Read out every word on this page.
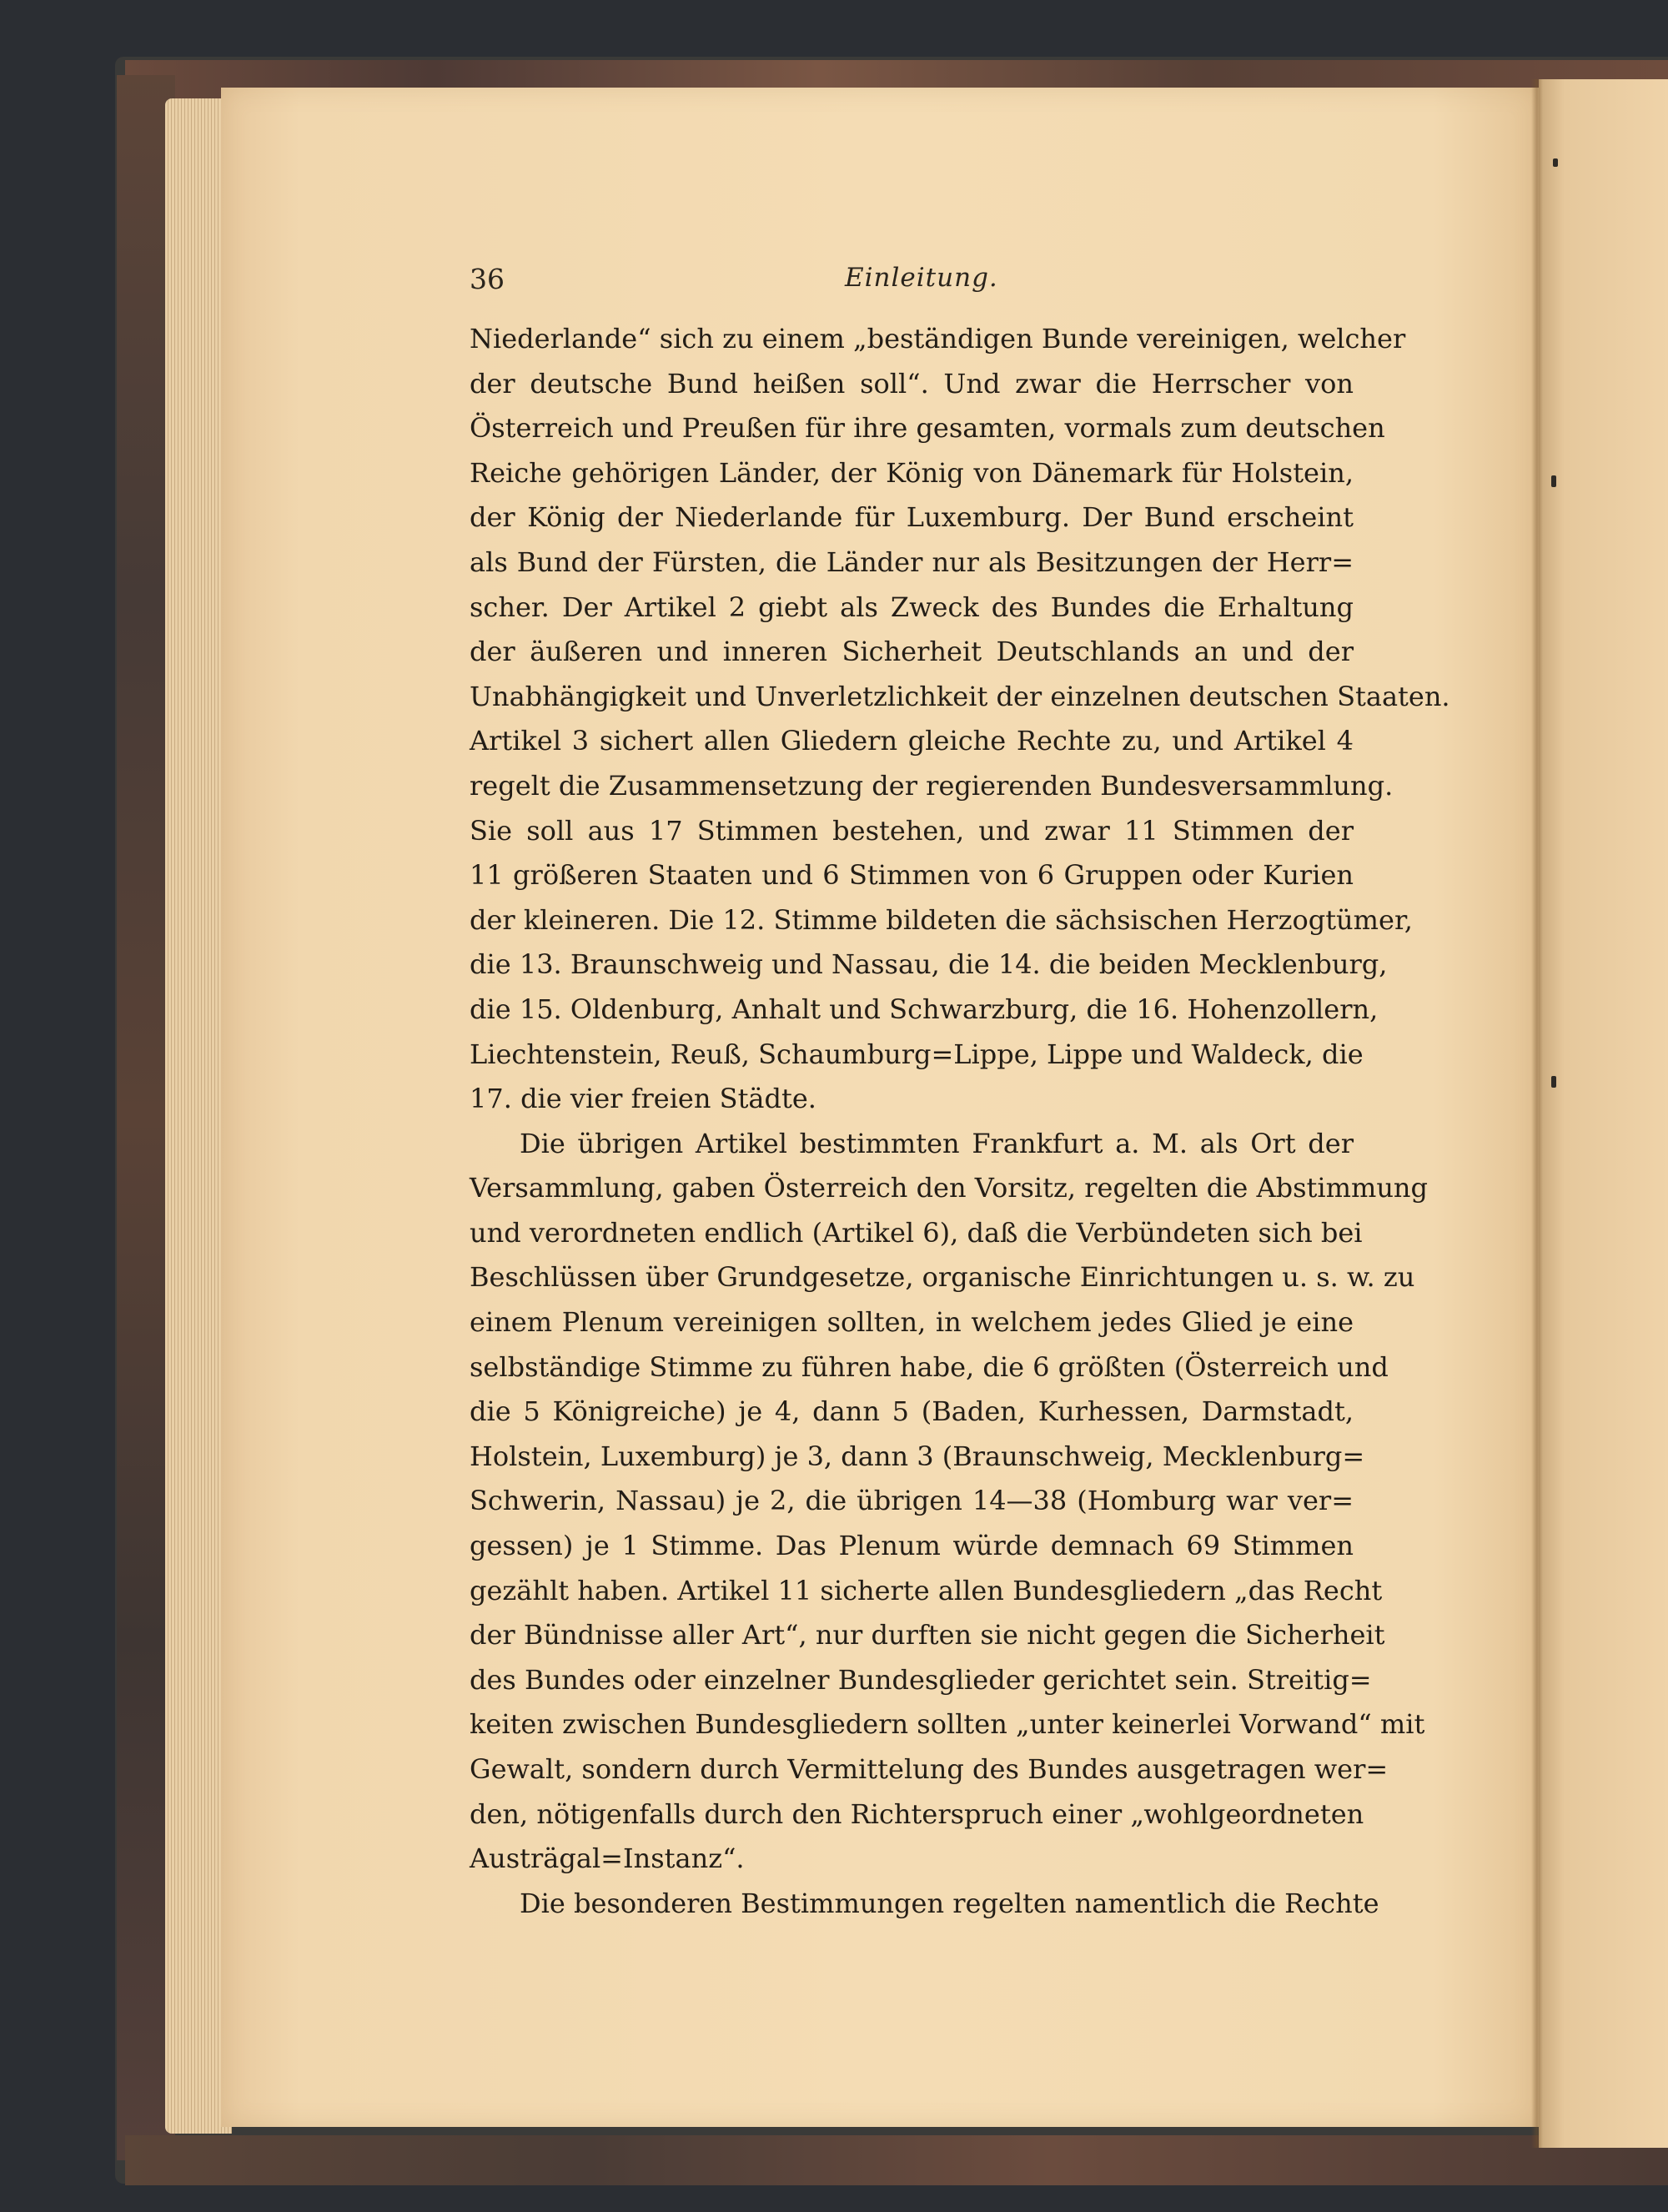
36	Einleitung.
Niederlande“ sich zu einem „beständigen Bunde vereinigen, welcher
der deutsche Bund heißen soll“. Und zwar die Herrscher von
Österreich und Preußen für ihre gesamten, vormals zum deutschen
Reiche gehörigen Länder, der König von Dänemark für Holstein,
der König der Niederlande für Luxemburg. Der Bund erscheint
als Bund der Fürsten, die Länder nur als Besitzungen der Herr=
scher. Der Artikel 2 giebt als Zweck des Bundes die Erhaltung
der äußeren und inneren Sicherheit Deutschlands an und der
Unabhängigkeit und Unverletzlichkeit der einzelnen deutschen Staaten.
Artikel 3 sichert allen Gliedern gleiche Rechte zu, und Artikel 4
regelt die Zusammensetzung der regierenden Bundesversammlung.
Sie soll aus 17 Stimmen bestehen, und zwar 11 Stimmen der
11 größeren Staaten und 6 Stimmen von 6 Gruppen oder Kurien
der kleineren. Die 12. Stimme bildeten die sächsischen Herzogtümer,
die 13. Braunschweig und Nassau, die 14. die beiden Mecklenburg,
die 15. Oldenburg, Anhalt und Schwarzburg, die 16. Hohenzollern,
Liechtenstein, Reuß, Schaumburg=Lippe, Lippe und Waldeck, die
17. die vier freien Städte.
Die übrigen Artikel bestimmten Frankfurt a. M. als Ort der
Versammlung, gaben Österreich den Vorsitz, regelten die Abstimmung
und verordneten endlich (Artikel 6), daß die Verbündeten sich bei
Beschlüssen über Grundgesetze, organische Einrichtungen u. s. w. zu
einem Plenum vereinigen sollten, in welchem jedes Glied je eine
selbständige Stimme zu führen habe, die 6 größten (Österreich und
die 5 Königreiche) je 4, dann 5 (Baden, Kurhessen, Darmstadt,
Holstein, Luxemburg) je 3, dann 3 (Braunschweig, Mecklenburg=
Schwerin, Nassau) je 2, die übrigen 14—38 (Homburg war ver=
gessen) je 1 Stimme. Das Plenum würde demnach 69 Stimmen
gezählt haben. Artikel 11 sicherte allen Bundesgliedern „das Recht
der Bündnisse aller Art“, nur durften sie nicht gegen die Sicherheit
des Bundes oder einzelner Bundesglieder gerichtet sein. Streitig=
keiten zwischen Bundesgliedern sollten „unter keinerlei Vorwand“ mit
Gewalt, sondern durch Vermittelung des Bundes ausgetragen wer=
den, nötigenfalls durch den Richterspruch einer „wohlgeordneten
Austrägal=Instanz“.
Die besonderen Bestimmungen regelten namentlich die Rechte
